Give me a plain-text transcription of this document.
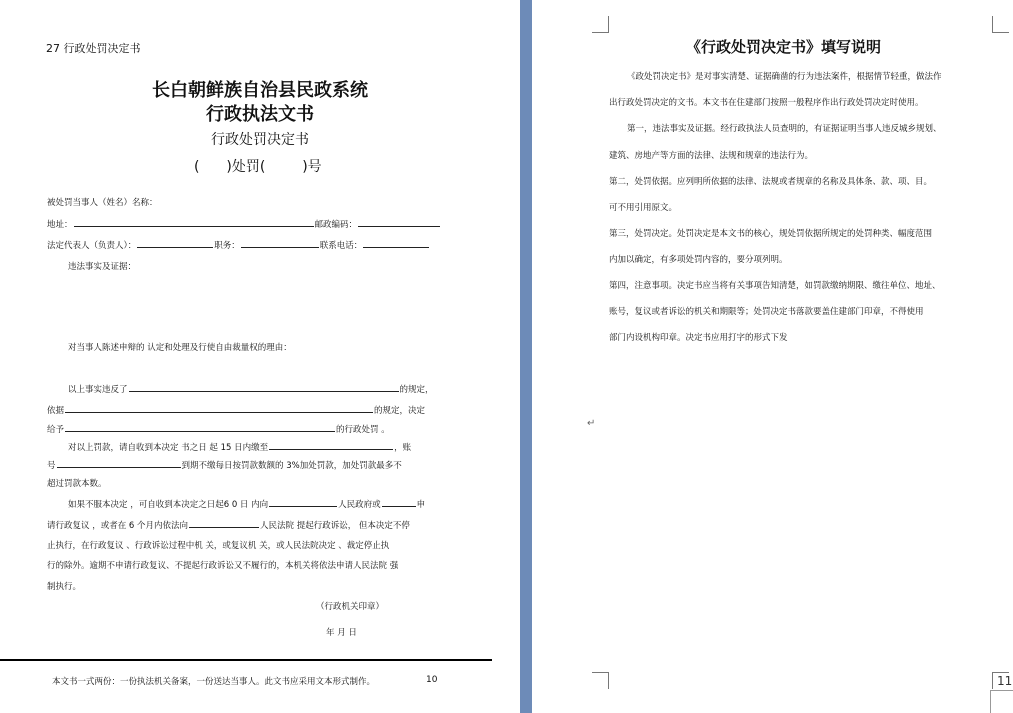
27 行政处罚决定书
长白朝鲜族自治县民政系统
行政执法文书
行政处罚决定书
( )处罚(	)号
被处罚当事人（姓名）名称：
地址：	邮政编码：
法定代表人（负责人）：	职务：	联系电话：
违法事实及证据：
对当事人陈述申辩的 认定和处理及行使自由裁量权的理由：
以上事实违反了	的规定，
依据	的规定，决定
给予	的行政处罚 。
对以上罚款，请自收到本决定 书之日 起 15 日内缴至	，账
号	到期不缴每日按罚款数额的 3%加处罚款，加处罚款最多不
超过罚款本数。
如果不服本决定 ，可自收到本决定之日起6 0 日 内向	人民政府或	申
请行政复议 ，或者在 6 个月内依法向	人民法院 提起行政诉讼， 但本决定不停
止执行，在行政复议 、行政诉讼过程中机 关，或复议机 关，或人民法院决定 、裁定停止执
行的除外。逾期不申请行政复议、不提起行政诉讼又不履行的，本机关将依法申请人民法院 强
制执行。
（行政机关印章）
年 月 日
本文书一式两份：一份执法机关备案，一份送达当事人。此文书应采用文本形式制作。	10
《行政处罚决定书》填写说明
《政处罚决定书》是对事实清楚、证据确凿的行为违法案件，根据情节轻重，做法作
出行政处罚决定的文书。本文书在住建部门按照一般程序作出行政处罚决定时使用。
第一，违法事实及证据。经行政执法人员查明的，有证据证明当事人违反城乡规划、
建筑、房地产等方面的法律、法规和规章的违法行为。
第二，处罚依据。应列明所依据的法律、法规或者规章的名称及具体条、款、项、目。
可不用引用原文。
第三，处罚决定。处罚决定是本文书的核心，规处罚依据所规定的处罚种类、幅度范围
内加以确定，有多项处罚内容的，要分项列明。
第四，注意事项。决定书应当将有关事项告知清楚，如罚款缴纳期限、缴往单位、地址、
账号，复议或者诉讼的机关和期限等；处罚决定书落款要盖住建部门印章，不得使用
部门内设机构印章。决定书应用打字的形式下发
↵
11
